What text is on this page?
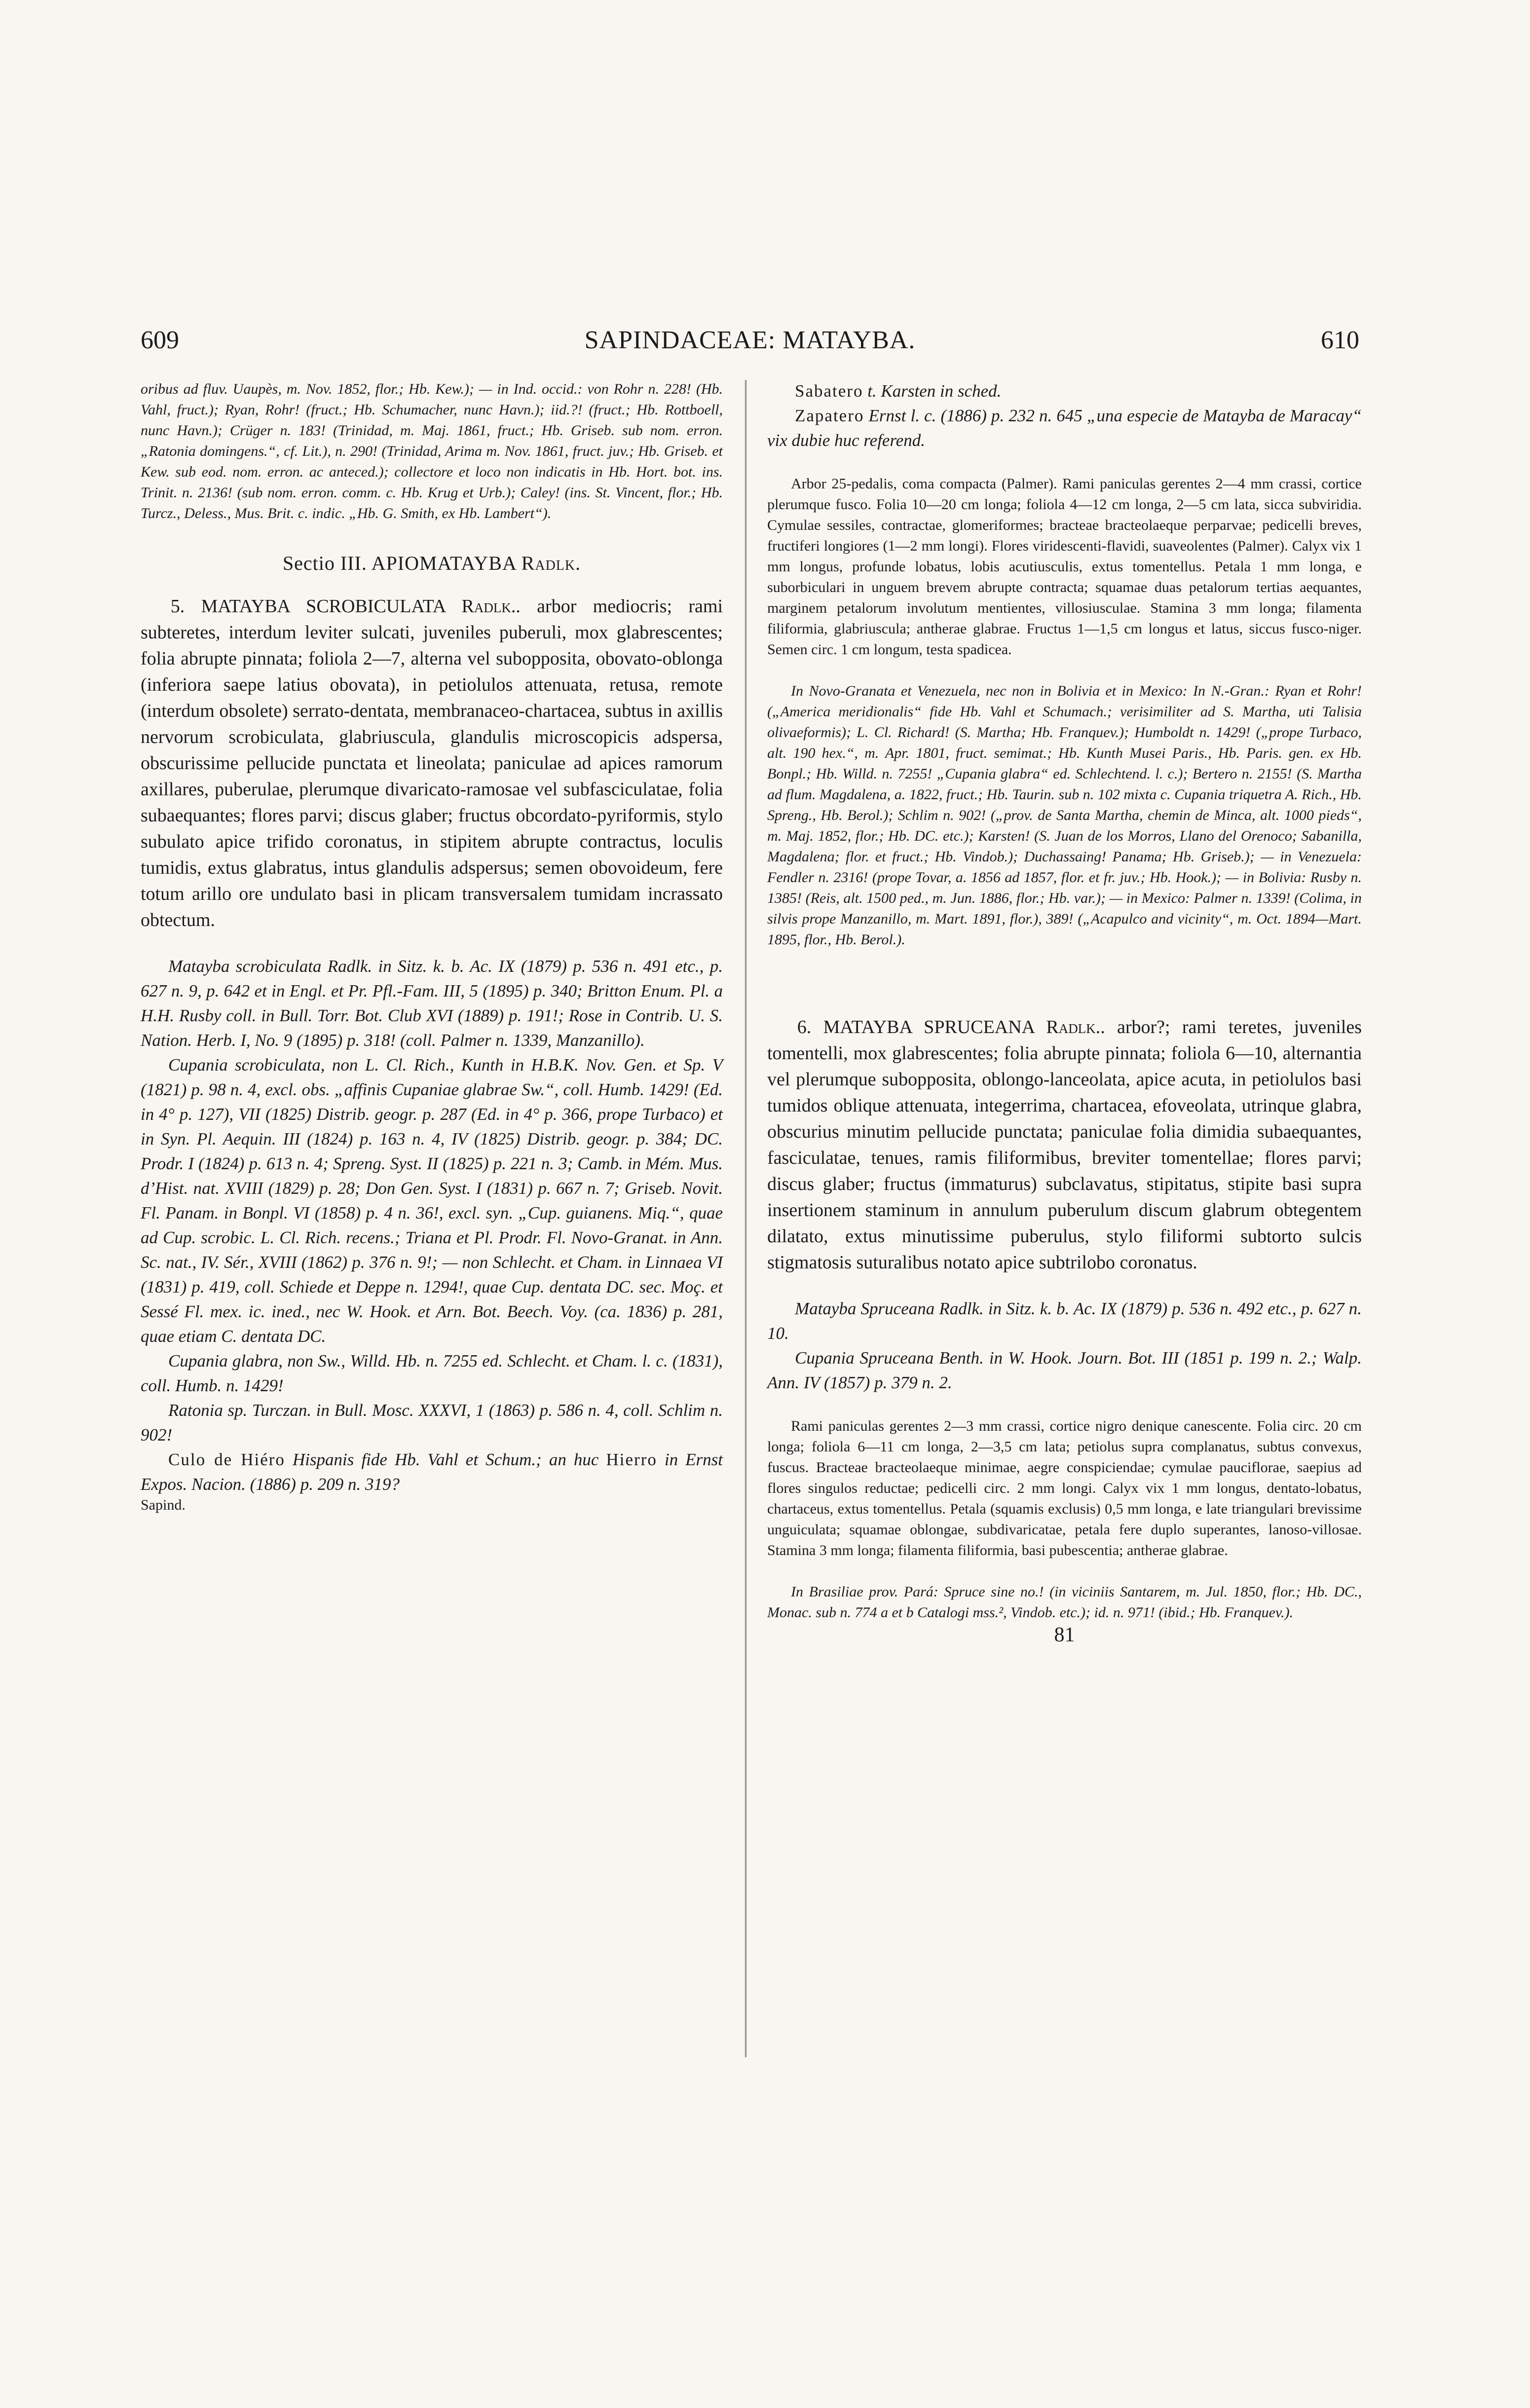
609	SAPINDACEAE: MATAYBA.	610

oribus ad fluv. Uaupès, m. Nov. 1852, flor.; Hb. Kew.); — in Ind. occid.: von Rohr n. 228! (Hb. Vahl, fruct.); Ryan, Rohr! (fruct.; Hb. Schumacher, nunc Havn.); iid.?! (fruct.; Hb. Rottboell, nunc Havn.); Crüger n. 183! (Trinidad, m. Maj. 1861, fruct.; Hb. Griseb. sub nom. erron. „Ratonia domingens.“, cf. Lit.), n. 290! (Trinidad, Arima m. Nov. 1861, fruct. juv.; Hb. Griseb. et Kew. sub eod. nom. erron. ac anteced.); collectore et loco non indicatis in Hb. Hort. bot. ins. Trinit. n. 2136! (sub nom. erron. comm. c. Hb. Krug et Urb.); Caley! (ins. St. Vincent, flor.; Hb. Turcz., Deless., Mus. Brit. c. indic. „Hb. G. Smith, ex Hb. Lambert“).

Sectio III. APIOMATAYBA Radlk.

5. MATAYBA SCROBICULATA Radlk.. arbor mediocris; rami subteretes, interdum leviter sulcati, juveniles puberuli, mox glabrescentes; folia abrupte pinnata; foliola 2—7, alterna vel subopposita, obovato-oblonga (inferiora saepe latius obovata), in petiolulos attenuata, retusa, remote (interdum obsolete) serrato-dentata, membranaceo-chartacea, subtus in axillis nervorum scrobiculata, glabriuscula, glandulis microscopicis adspersa, obscurissime pellucide punctata et lineolata; paniculae ad apices ramorum axillares, puberulae, plerumque divaricato-ramosae vel subfasciculatae, folia subaequantes; flores parvi; discus glaber; fructus obcordato-pyriformis, stylo subulato apice trifido coronatus, in stipitem abrupte contractus, loculis tumidis, extus glabratus, intus glandulis adspersus; semen obovoideum, fere totum arillo ore undulato basi in plicam transversalem tumidam incrassato obtectum.

Matayba scrobiculata Radlk. in Sitz. k. b. Ac. IX (1879) p. 536 n. 491 etc., p. 627 n. 9, p. 642 et in Engl. et Pr. Pfl.-Fam. III, 5 (1895) p. 340; Britton Enum. Pl. a H.H. Rusby coll. in Bull. Torr. Bot. Club XVI (1889) p. 191!; Rose in Contrib. U. S. Nation. Herb. I, No. 9 (1895) p. 318! (coll. Palmer n. 1339, Manzanillo).

Cupania scrobiculata, non L. Cl. Rich., Kunth in H.B.K. Nov. Gen. et Sp. V (1821) p. 98 n. 4, excl. obs. „affinis Cupaniae glabrae Sw.“, coll. Humb. 1429! (Ed. in 4° p. 127), VII (1825) Distrib. geogr. p. 287 (Ed. in 4° p. 366, prope Turbaco) et in Syn. Pl. Aequin. III (1824) p. 163 n. 4, IV (1825) Distrib. geogr. p. 384; DC. Prodr. I (1824) p. 613 n. 4; Spreng. Syst. II (1825) p. 221 n. 3; Camb. in Mém. Mus. d’Hist. nat. XVIII (1829) p. 28; Don Gen. Syst. I (1831) p. 667 n. 7; Griseb. Novit. Fl. Panam. in Bonpl. VI (1858) p. 4 n. 36!, excl. syn. „Cup. guianens. Miq.“, quae ad Cup. scrobic. L. Cl. Rich. recens.; Triana et Pl. Prodr. Fl. Novo-Granat. in Ann. Sc. nat., IV. Sér., XVIII (1862) p. 376 n. 9!; — non Schlecht. et Cham. in Linnaea VI (1831) p. 419, coll. Schiede et Deppe n. 1294!, quae Cup. dentata DC. sec. Moç. et Sessé Fl. mex. ic. ined., nec W. Hook. et Arn. Bot. Beech. Voy. (ca. 1836) p. 281, quae etiam C. dentata DC.

Cupania glabra, non Sw., Willd. Hb. n. 7255 ed. Schlecht. et Cham. l. c. (1831), coll. Humb. n. 1429!

Ratonia sp. Turczan. in Bull. Mosc. XXXVI, 1 (1863) p. 586 n. 4, coll. Schlim n. 902!

Culo de Hiéro Hispanis fide Hb. Vahl et Schum.; an huc Hierro in Ernst Expos. Nacion. (1886) p. 209 n. 319?

Sapind.

Sabatero t. Karsten in sched.

Zapatero Ernst l. c. (1886) p. 232 n. 645 „una especie de Matayba de Maracay“ vix dubie huc referend.

Arbor 25-pedalis, coma compacta (Palmer). Rami paniculas gerentes 2—4 mm crassi, cortice plerumque fusco. Folia 10—20 cm longa; foliola 4—12 cm longa, 2—5 cm lata, sicca subviridia. Cymulae sessiles, contractae, glomeriformes; bracteae bracteolaeque perparvae; pedicelli breves, fructiferi longiores (1—2 mm longi). Flores viridescenti-flavidi, suaveolentes (Palmer). Calyx vix 1 mm longus, profunde lobatus, lobis acutiusculis, extus tomentellus. Petala 1 mm longa, e suborbiculari in unguem brevem abrupte contracta; squamae duas petalorum tertias aequantes, marginem petalorum involutum mentientes, villosiusculae. Stamina 3 mm longa; filamenta filiformia, glabriuscula; antherae glabrae. Fructus 1—1,5 cm longus et latus, siccus fusco-niger. Semen circ. 1 cm longum, testa spadicea.

In Novo-Granata et Venezuela, nec non in Bolivia et in Mexico: In N.-Gran.: Ryan et Rohr! („America meridionalis“ fide Hb. Vahl et Schumach.; verisimiliter ad S. Martha, uti Talisia olivaeformis); L. Cl. Richard! (S. Martha; Hb. Franquev.); Humboldt n. 1429! („prope Turbaco, alt. 190 hex.“, m. Apr. 1801, fruct. semimat.; Hb. Kunth Musei Paris., Hb. Paris. gen. ex Hb. Bonpl.; Hb. Willd. n. 7255! „Cupania glabra“ ed. Schlechtend. l. c.); Bertero n. 2155! (S. Martha ad flum. Magdalena, a. 1822, fruct.; Hb. Taurin. sub n. 102 mixta c. Cupania triquetra A. Rich., Hb. Spreng., Hb. Berol.); Schlim n. 902! („prov. de Santa Martha, chemin de Minca, alt. 1000 pieds“, m. Maj. 1852, flor.; Hb. DC. etc.); Karsten! (S. Juan de los Morros, Llano del Orenoco; Sabanilla, Magdalena; flor. et fruct.; Hb. Vindob.); Duchassaing! Panama; Hb. Griseb.); — in Venezuela: Fendler n. 2316! (prope Tovar, a. 1856 ad 1857, flor. et fr. juv.; Hb. Hook.); — in Bolivia: Rusby n. 1385! (Reis, alt. 1500 ped., m. Jun. 1886, flor.; Hb. var.); — in Mexico: Palmer n. 1339! (Colima, in silvis prope Manzanillo, m. Mart. 1891, flor.), 389! („Acapulco and vicinity“, m. Oct. 1894—Mart. 1895, flor., Hb. Berol.).

6. MATAYBA SPRUCEANA Radlk.. arbor?; rami teretes, juveniles tomentelli, mox glabrescentes; folia abrupte pinnata; foliola 6—10, alternantia vel plerumque subopposita, oblongo-lanceolata, apice acuta, in petiolulos basi tumidos oblique attenuata, integerrima, chartacea, efoveolata, utrinque glabra, obscurius minutim pellucide punctata; paniculae folia dimidia subaequantes, fasciculatae, tenues, ramis filiformibus, breviter tomentellae; flores parvi; discus glaber; fructus (immaturus) subclavatus, stipitatus, stipite basi supra insertionem staminum in annulum puberulum discum glabrum obtegentem dilatato, extus minutissime puberulus, stylo filiformi subtorto sulcis stigmatosis suturalibus notato apice subtrilobo coronatus.

Matayba Spruceana Radlk. in Sitz. k. b. Ac. IX (1879) p. 536 n. 492 etc., p. 627 n. 10.

Cupania Spruceana Benth. in W. Hook. Journ. Bot. III (1851 p. 199 n. 2.; Walp. Ann. IV (1857) p. 379 n. 2.

Rami paniculas gerentes 2—3 mm crassi, cortice nigro denique canescente. Folia circ. 20 cm longa; foliola 6—11 cm longa, 2—3,5 cm lata; petiolus supra complanatus, subtus convexus, fuscus. Bracteae bracteolaeque minimae, aegre conspiciendae; cymulae pauciflorae, saepius ad flores singulos reductae; pedicelli circ. 2 mm longi. Calyx vix 1 mm longus, dentato-lobatus, chartaceus, extus tomentellus. Petala (squamis exclusis) 0,5 mm longa, e late triangulari brevissime unguiculata; squamae oblongae, subdivaricatae, petala fere duplo superantes, lanoso-villosae. Stamina 3 mm longa; filamenta filiformia, basi pubescentia; antherae glabrae.

In Brasiliae prov. Pará: Spruce sine no.! (in viciniis Santarem, m. Jul. 1850, flor.; Hb. DC., Monac. sub n. 774 a et b Catalogi mss.², Vindob. etc.); id. n. 971! (ibid.; Hb. Franquev.).

81
